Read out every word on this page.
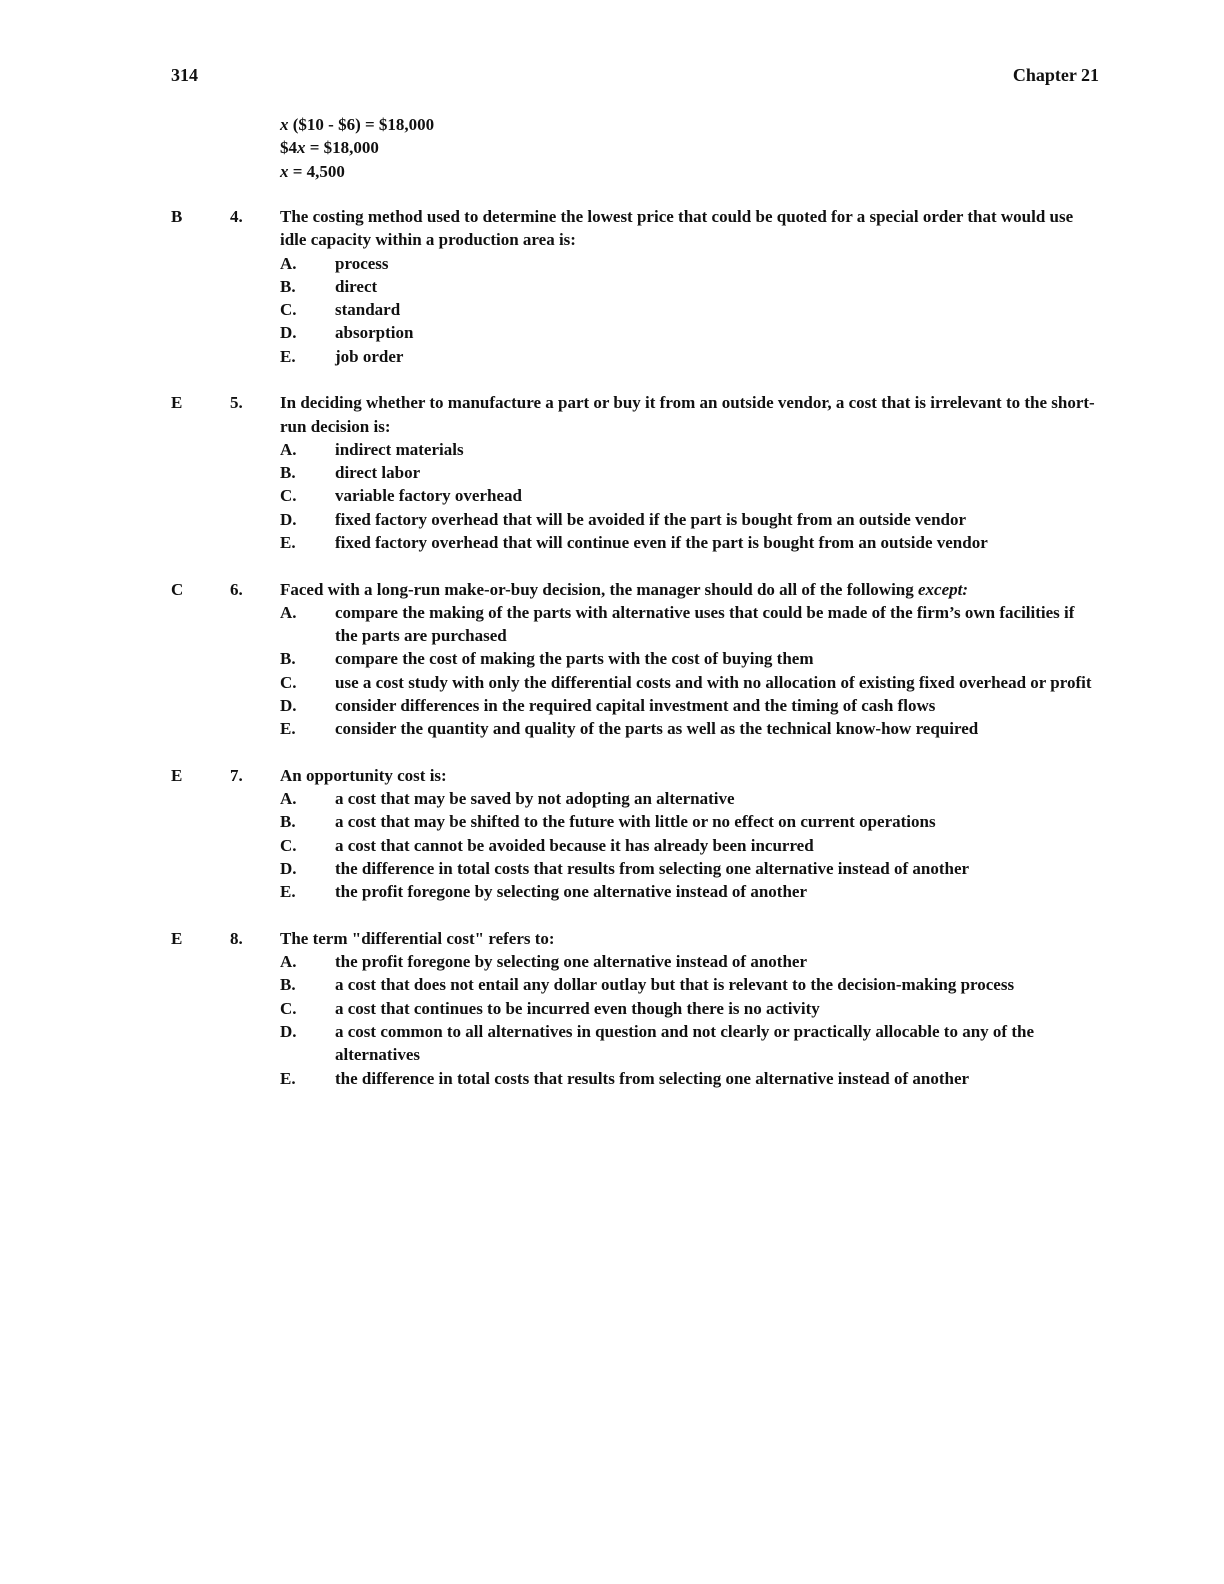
314	Chapter 21
x ($10 - $6) = $18,000
$4x = $18,000
x = 4,500
B	4. The costing method used to determine the lowest price that could be quoted for a special order that would use idle capacity within a production area is:
A. process
B. direct
C. standard
D. absorption
E. job order
E	5. In deciding whether to manufacture a part or buy it from an outside vendor, a cost that is irrelevant to the short-run decision is:
A. indirect materials
B. direct labor
C. variable factory overhead
D. fixed factory overhead that will be avoided if the part is bought from an outside vendor
E. fixed factory overhead that will continue even if the part is bought from an outside vendor
C	6. Faced with a long-run make-or-buy decision, the manager should do all of the following except:
A. compare the making of the parts with alternative uses that could be made of the firm’s own facilities if the parts are purchased
B. compare the cost of making the parts with the cost of buying them
C. use a cost study with only the differential costs and with no allocation of existing fixed overhead or profit
D. consider differences in the required capital investment and the timing of cash flows
E. consider the quantity and quality of the parts as well as the technical know-how required
E	7. An opportunity cost is:
A. a cost that may be saved by not adopting an alternative
B. a cost that may be shifted to the future with little or no effect on current operations
C. a cost that cannot be avoided because it has already been incurred
D. the difference in total costs that results from selecting one alternative instead of another
E. the profit foregone by selecting one alternative instead of another
E	8. The term "differential cost" refers to:
A. the profit foregone by selecting one alternative instead of another
B. a cost that does not entail any dollar outlay but that is relevant to the decision-making process
C. a cost that continues to be incurred even though there is no activity
D. a cost common to all alternatives in question and not clearly or practically allocable to any of the alternatives
E. the difference in total costs that results from selecting one alternative instead of another
